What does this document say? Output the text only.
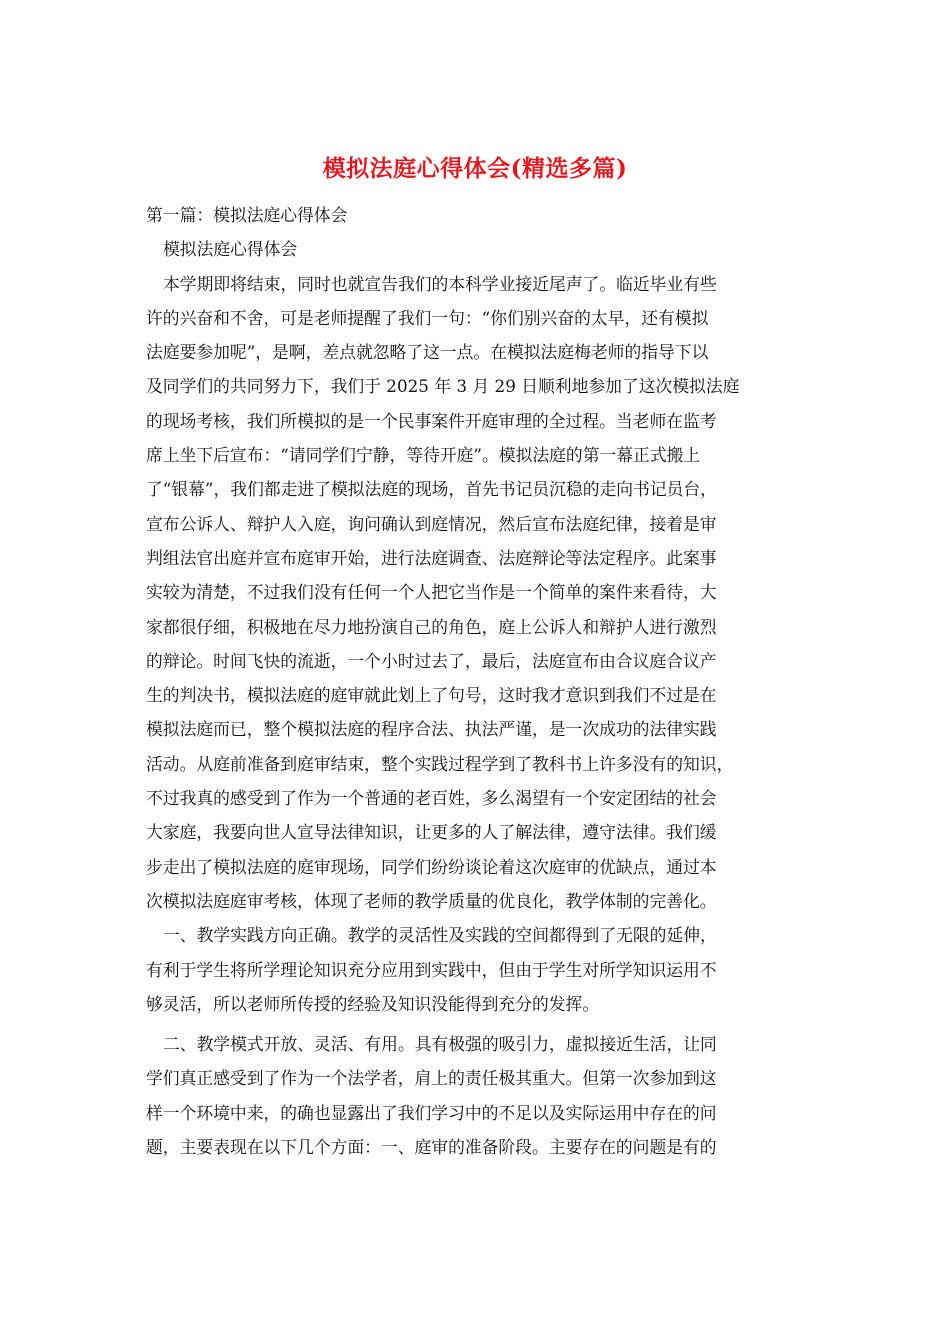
模拟法庭心得体会(精选多篇)
第一篇：模拟法庭心得体会
模拟法庭心得体会
本学期即将结束，同时也就宣告我们的本科学业接近尾声了。临近毕业有些
许的兴奋和不舍，可是老师提醒了我们一句：“你们别兴奋的太早，还有模拟
法庭要参加呢”，是啊，差点就忽略了这一点。在模拟法庭梅老师的指导下以
及同学们的共同努力下，我们于 2025 年 3 月 29 日顺利地参加了这次模拟法庭
的现场考核，我们所模拟的是一个民事案件开庭审理的全过程。当老师在监考
席上坐下后宣布：“请同学们宁静，等待开庭”。模拟法庭的第一幕正式搬上
了“银幕”，我们都走进了模拟法庭的现场，首先书记员沉稳的走向书记员台，
宣布公诉人、辩护人入庭，询问确认到庭情况，然后宣布法庭纪律，接着是审
判组法官出庭并宣布庭审开始，进行法庭调查、法庭辩论等法定程序。此案事
实较为清楚，不过我们没有任何一个人把它当作是一个简单的案件来看待，大
家都很仔细，积极地在尽力地扮演自己的角色，庭上公诉人和辩护人进行激烈
的辩论。时间飞快的流逝，一个小时过去了，最后，法庭宣布由合议庭合议产
生的判决书，模拟法庭的庭审就此划上了句号，这时我才意识到我们不过是在
模拟法庭而已，整个模拟法庭的程序合法、执法严谨，是一次成功的法律实践
活动。从庭前准备到庭审结束，整个实践过程学到了教科书上许多没有的知识，
不过我真的感受到了作为一个普通的老百姓，多么渴望有一个安定团结的社会
大家庭，我要向世人宣导法律知识，让更多的人了解法律，遵守法律。我们缓
步走出了模拟法庭的庭审现场，同学们纷纷谈论着这次庭审的优缺点，通过本
次模拟法庭庭审考核，体现了老师的教学质量的优良化，教学体制的完善化。
一、教学实践方向正确。教学的灵活性及实践的空间都得到了无限的延伸，
有利于学生将所学理论知识充分应用到实践中，但由于学生对所学知识运用不
够灵活，所以老师所传授的经验及知识没能得到充分的发挥。
二、教学模式开放、灵活、有用。具有极强的吸引力，虚拟接近生活，让同
学们真正感受到了作为一个法学者，肩上的责任极其重大。但第一次参加到这
样一个环境中来，的确也显露出了我们学习中的不足以及实际运用中存在的问
题，主要表现在以下几个方面：一、庭审的准备阶段。主要存在的问题是有的
